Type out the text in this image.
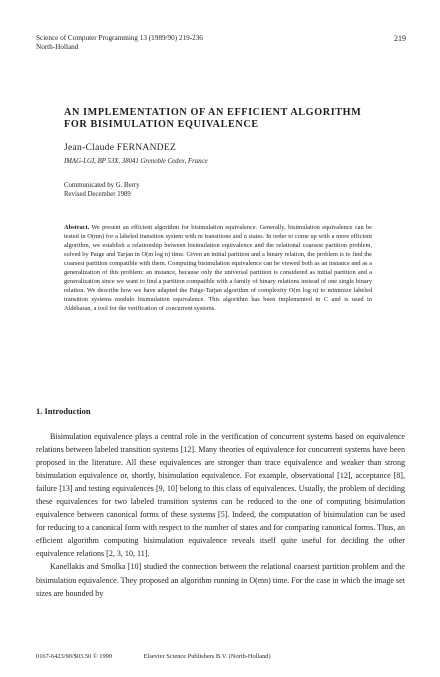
Science of Computer Programming 13 (1989/90) 219-236
North-Holland
219
AN IMPLEMENTATION OF AN EFFICIENT ALGORITHM FOR BISIMULATION EQUIVALENCE
Jean-Claude FERNANDEZ
IMAG-LGI, BP 53X, 38041 Grenoble Cedex, France
Communicated by G. Berry
Revised December 1989
Abstract. We present an efficient algorithm for bisimulation equivalence. Generally, bisimulation equivalence can be tested in O(mn) for a labeled transition system with m transitions and n states. In order to come up with a more efficient algorithm, we establish a relationship between bisimulation equivalence and the relational coarsest partition problem, solved by Paige and Tarjan in O(m log n) time. Given an initial partition and a binary relation, the problem is to find the coarsest partition compatible with them. Computing bisimulation equivalence can be viewed both as an instance and as a generalization of this problem: an instance, because only the universal partition is considered as initial partition and a generalization since we want to find a partition compatible with a family of binary relations instead of one single binary relation. We describe how we have adapted the Paige-Tarjan algorithm of complexity O(m log n) to minimize labeled transition systems modulo bisimulation equivalence. This algorithm has been implemented in C and is used in Aldébaran, a tool for the verification of concurrent systems.
1. Introduction

Bisimulation equivalence plays a central role in the verification of concurrent systems based on equivalence relations between labeled transition systems [12]. Many theories of equivalence for concurrent systems have been proposed in the literature. All these equivalences are stronger than trace equivalence and weaker than strong bisimulation equivalence or, shortly, bisimulation equivalence. For example, observational [12], acceptance [8], failure [13] and testing equivalences [9, 10] belong to this class of equivalences. Usually, the problem of deciding these equivalences for two labeled transition systems can be reduced to the one of computing bisimulation equivalence between canonical forms of these systems [5]. Indeed, the computation of bisimulation can be used for reducing to a canonical form with respect to the number of states and for comparing canonical forms. Thus, an efficient algorithm computing bisimulation equivalence reveals itself quite useful for deciding the other equivalence relations [2, 3, 10, 11].

Kanellakis and Smolka [10] studied the connection between the relational coarsest partition problem and the bisimulation equivalence. They proposed an algorithm running in O(mn) time. For the case in which the image set sizes are bounded by

0167-6423/90/$03.50 © 1990	Elsevier Science Publishers B.V. (North-Holland)
